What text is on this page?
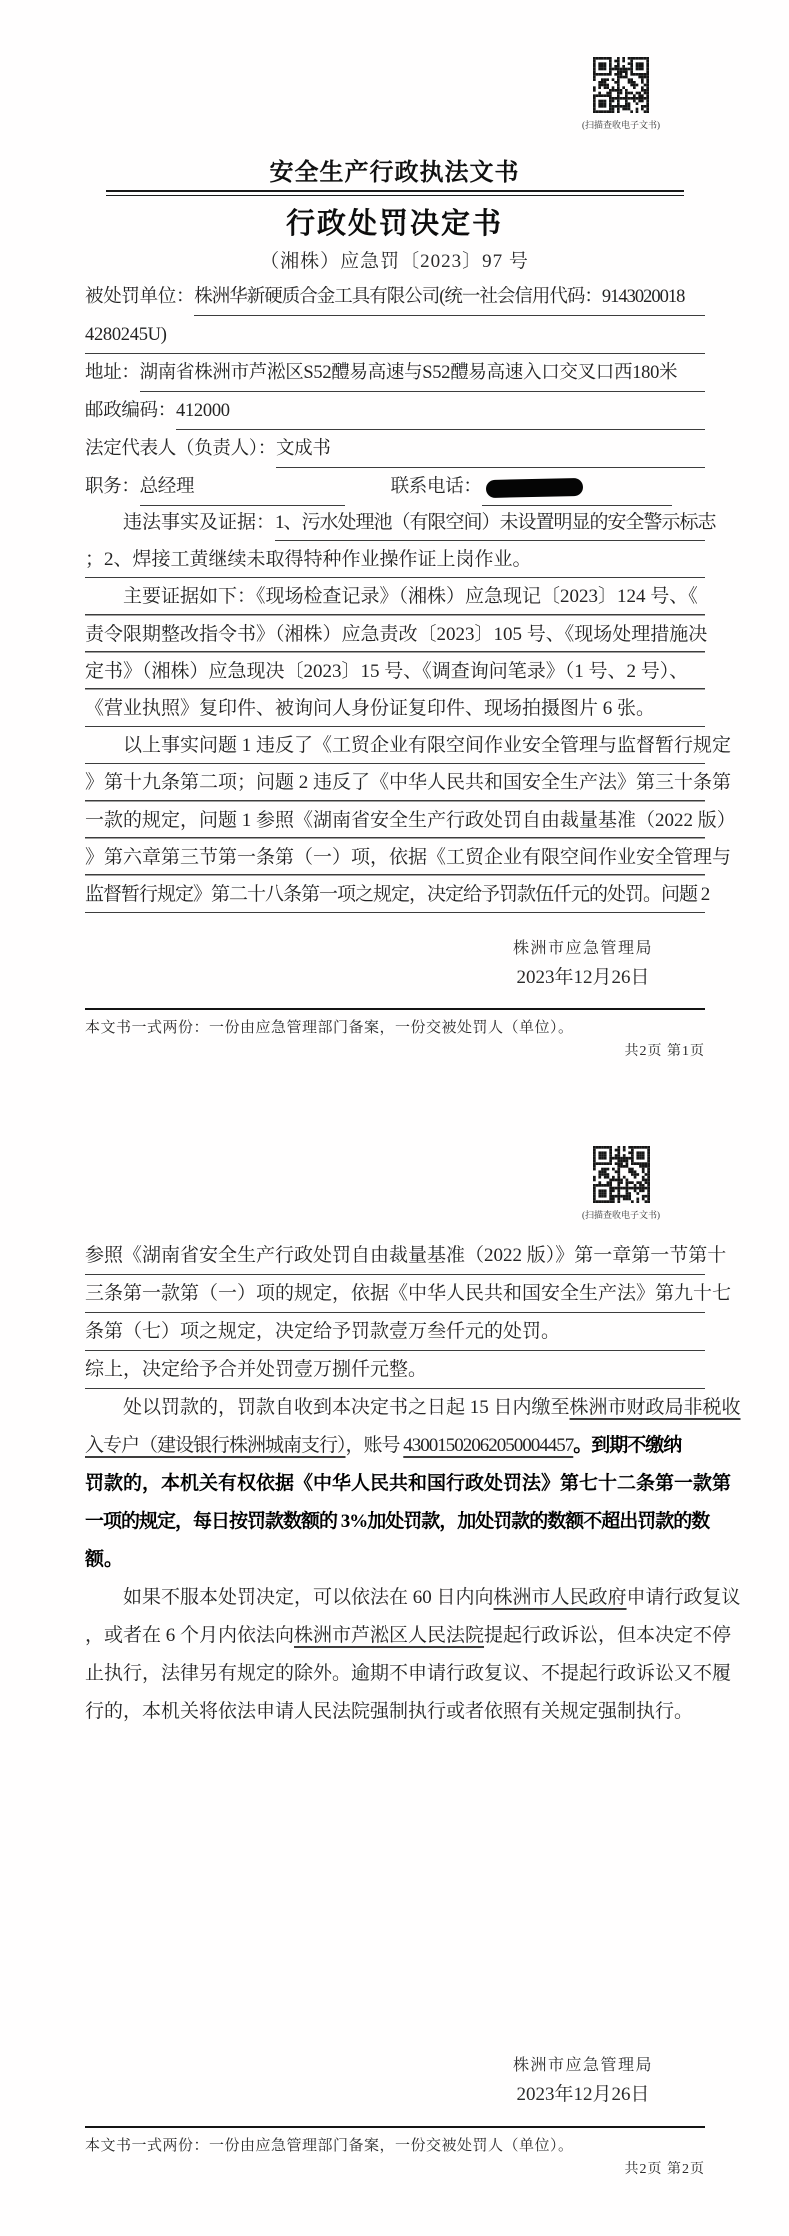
(扫描查收电子文书)
安全生产行政执法文书
行政处罚决定书
（湘株）应急罚〔2023〕97 号
被处罚单位： 株洲华新硬质合金工具有限公司(统一社会信用代码：9143020018
4280245U)
地址： 湖南省株洲市芦淞区S52醴易高速与S52醴易高速入口交叉口西180米
邮政编码： 412000
法定代表人（负责人）： 文成书
职务： 总经理	联系电话：
违法事实及证据： 1、污水处理池（有限空间）未设置明显的安全警示标志
；2、焊接工黄继续未取得特种作业操作证上岗作业。
主要证据如下：《现场检查记录》（湘株）应急现记〔2023〕124 号、《
责令限期整改指令书》（湘株）应急责改〔2023〕105 号、《现场处理措施决
定书》（湘株）应急现决〔2023〕15 号、《调查询问笔录》（1 号、2 号）、
《营业执照》复印件、被询问人身份证复印件、现场拍摄图片 6 张。
以上事实问题 1 违反了《工贸企业有限空间作业安全管理与监督暂行规定
》第十九条第二项；问题 2 违反了《中华人民共和国安全生产法》第三十条第
一款的规定，问题 1 参照《湖南省安全生产行政处罚自由裁量基准（2022 版）
》第六章第三节第一条第（一）项，依据《工贸企业有限空间作业安全管理与
监督暂行规定》第二十八条第一项之规定，决定给予罚款伍仟元的处罚。问题 2
株洲市应急管理局
2023年12月26日
本文书一式两份：一份由应急管理部门备案，一份交被处罚人（单位）。
共2页 第1页
(扫描查收电子文书)
参照《湖南省安全生产行政处罚自由裁量基准（2022 版）》第一章第一节第十
三条第一款第（一）项的规定，依据《中华人民共和国安全生产法》第九十七
条第（七）项之规定，决定给予罚款壹万叁仟元的处罚。
综上，决定给予合并处罚壹万捌仟元整。
处以罚款的，罚款自收到本决定书之日起 15 日内缴至株洲市财政局非税收
入专户（建设银行株洲城南支行），账号 43001502062050004457。到期不缴纳
罚款的，本机关有权依据《中华人民共和国行政处罚法》第七十二条第一款第
一项的规定，每日按罚款数额的 3%加处罚款，加处罚款的数额不超出罚款的数
额。
如果不服本处罚决定，可以依法在 60 日内向株洲市人民政府申请行政复议
，或者在 6 个月内依法向株洲市芦淞区人民法院提起行政诉讼，但本决定不停
止执行，法律另有规定的除外。逾期不申请行政复议、不提起行政诉讼又不履
行的，本机关将依法申请人民法院强制执行或者依照有关规定强制执行。
株洲市应急管理局
2023年12月26日
本文书一式两份：一份由应急管理部门备案，一份交被处罚人（单位）。
共2页 第2页
